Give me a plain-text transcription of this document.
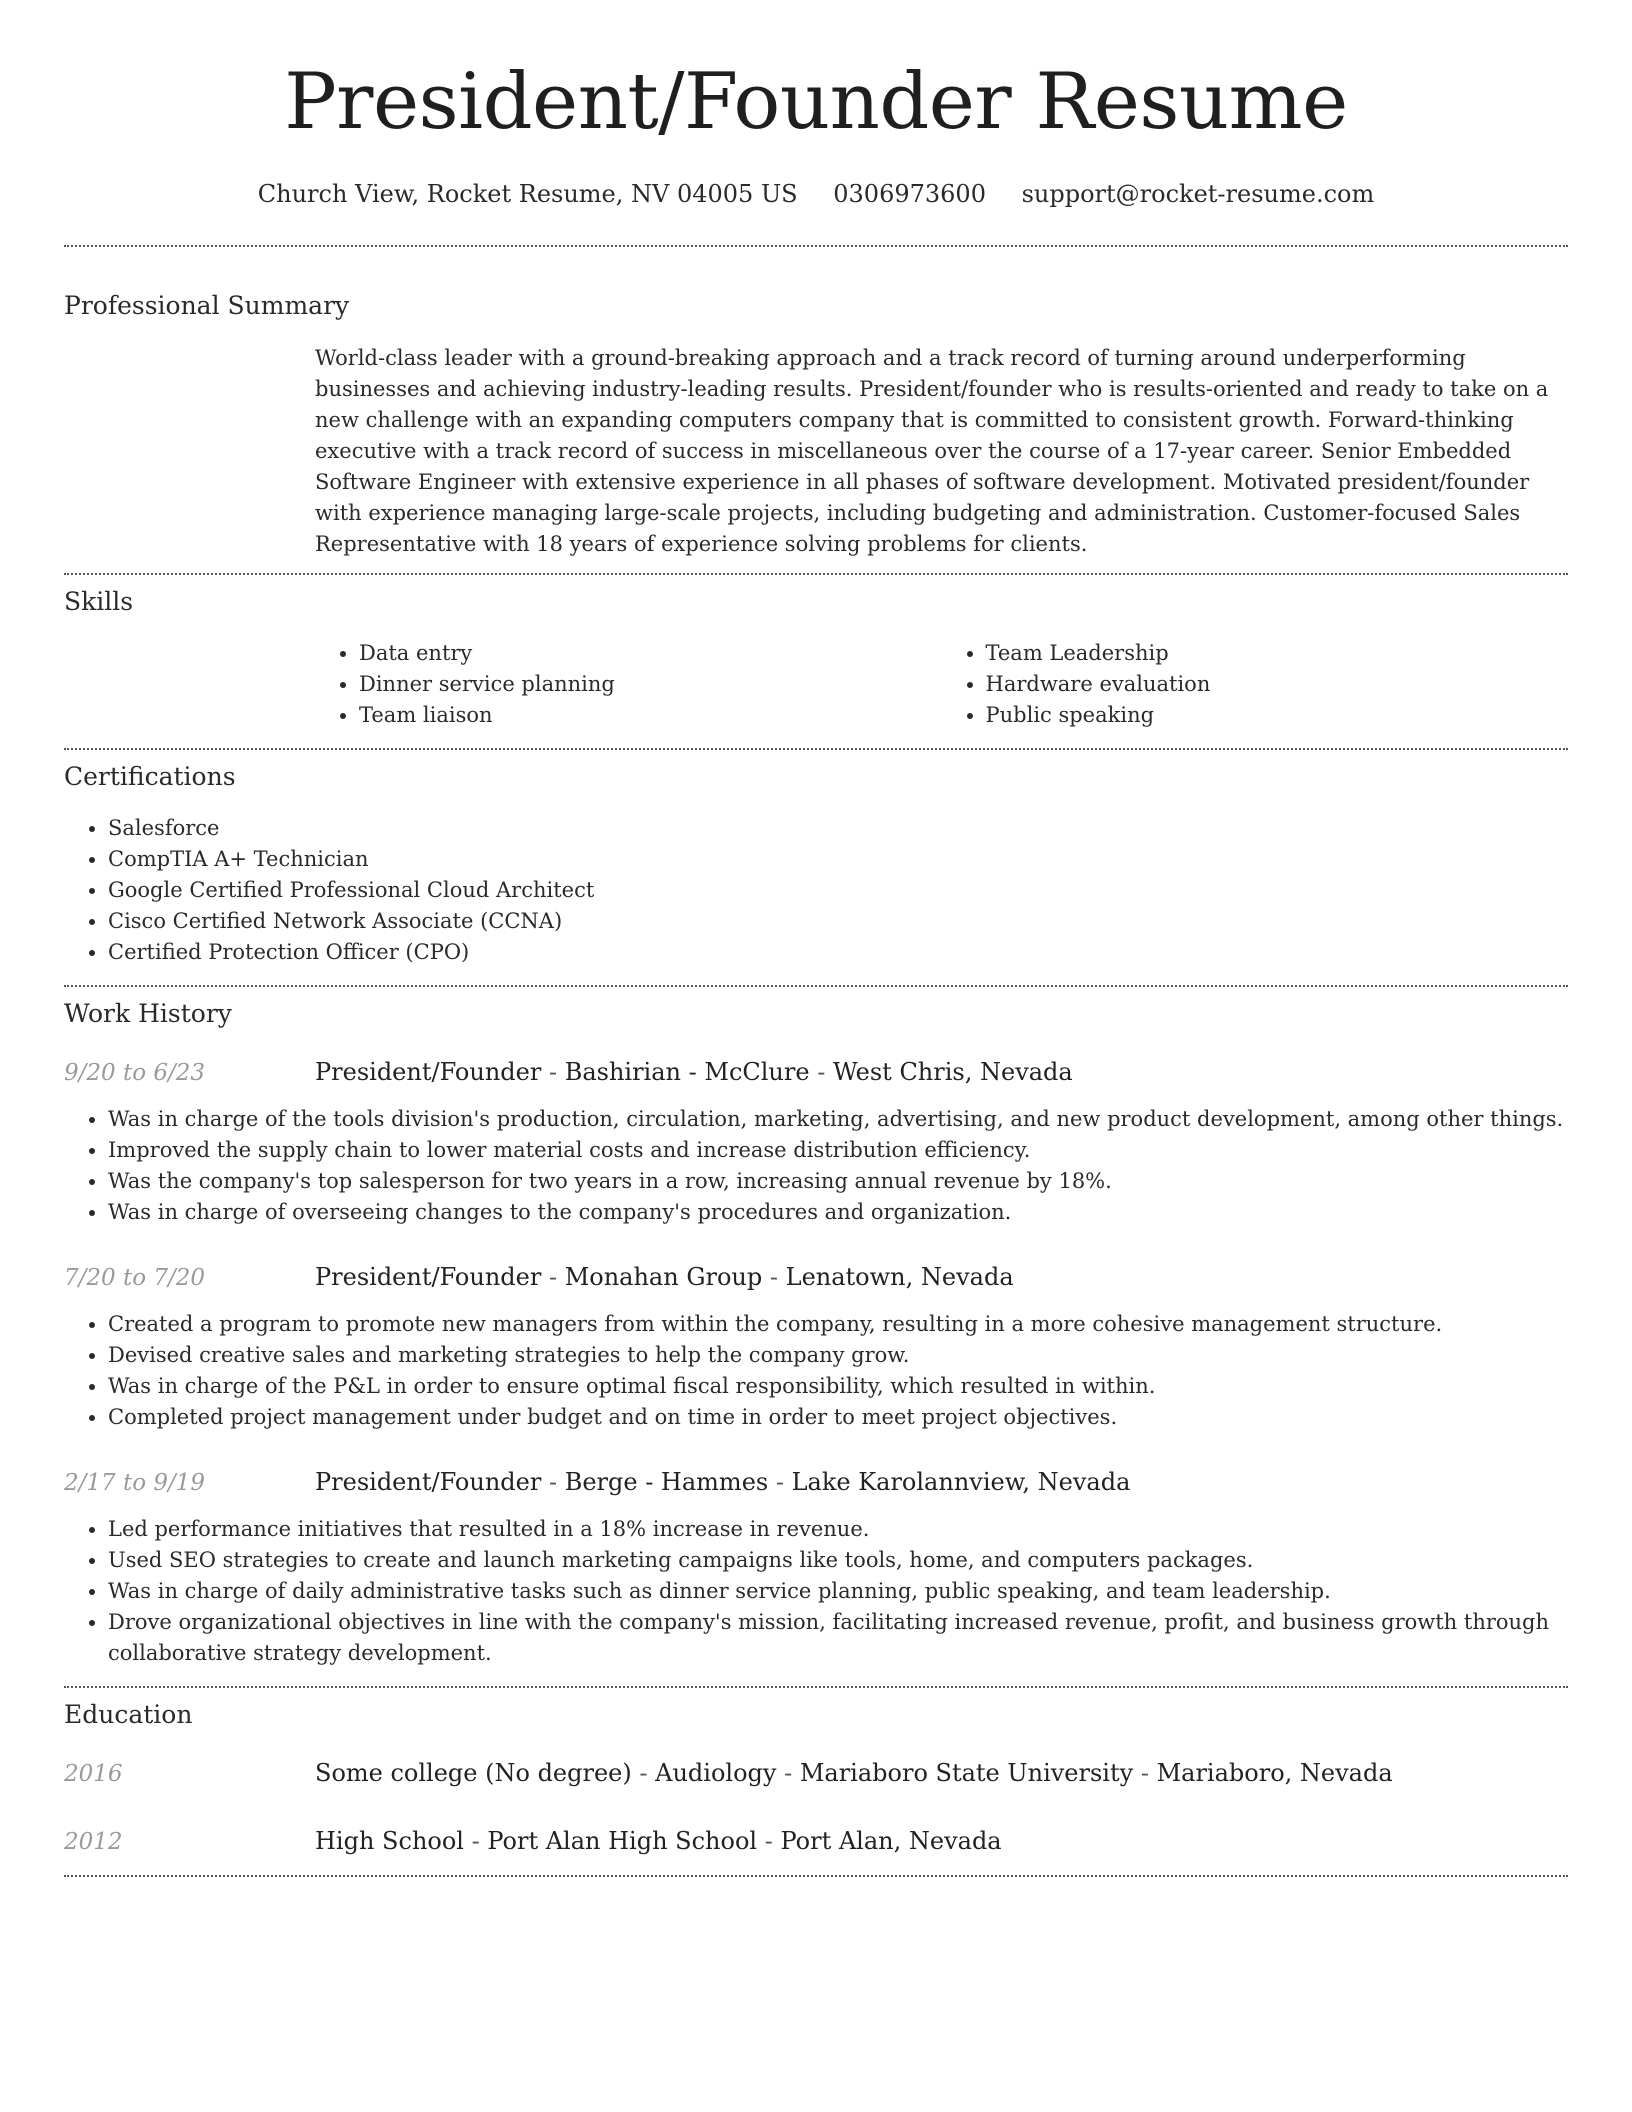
President/Founder Resume
Church View, Rocket Resume, NV 04005 US 0306973600 support@rocket-resume.com
Professional Summary
World-class leader with a ground-breaking approach and a track record of turning around underperforming businesses and achieving industry-leading results. President/founder who is results-oriented and ready to take on a new challenge with an expanding computers company that is committed to consistent growth. Forward-thinking executive with a track record of success in miscellaneous over the course of a 17-year career. Senior Embedded Software Engineer with extensive experience in all phases of software development. Motivated president/founder with experience managing large-scale projects, including budgeting and administration. Customer-focused Sales Representative with 18 years of experience solving problems for clients.
Skills
• Data entry
• Dinner service planning
• Team liaison
• Team Leadership
• Hardware evaluation
• Public speaking
Certifications
• Salesforce
• CompTIA A+ Technician
• Google Certified Professional Cloud Architect
• Cisco Certified Network Associate (CCNA)
• Certified Protection Officer (CPO)
Work History
9/20 to 6/23	President/Founder - Bashirian - McClure - West Chris, Nevada
• Was in charge of the tools division's production, circulation, marketing, advertising, and new product development, among other things.
• Improved the supply chain to lower material costs and increase distribution efficiency.
• Was the company's top salesperson for two years in a row, increasing annual revenue by 18%.
• Was in charge of overseeing changes to the company's procedures and organization.
7/20 to 7/20	President/Founder - Monahan Group - Lenatown, Nevada
• Created a program to promote new managers from within the company, resulting in a more cohesive management structure.
• Devised creative sales and marketing strategies to help the company grow.
• Was in charge of the P&L in order to ensure optimal fiscal responsibility, which resulted in within.
• Completed project management under budget and on time in order to meet project objectives.
2/17 to 9/19	President/Founder - Berge - Hammes - Lake Karolannview, Nevada
• Led performance initiatives that resulted in a 18% increase in revenue.
• Used SEO strategies to create and launch marketing campaigns like tools, home, and computers packages.
• Was in charge of daily administrative tasks such as dinner service planning, public speaking, and team leadership.
• Drove organizational objectives in line with the company's mission, facilitating increased revenue, profit, and business growth through collaborative strategy development.
Education
2016	Some college (No degree) - Audiology - Mariaboro State University - Mariaboro, Nevada
2012	High School - Port Alan High School - Port Alan, Nevada
